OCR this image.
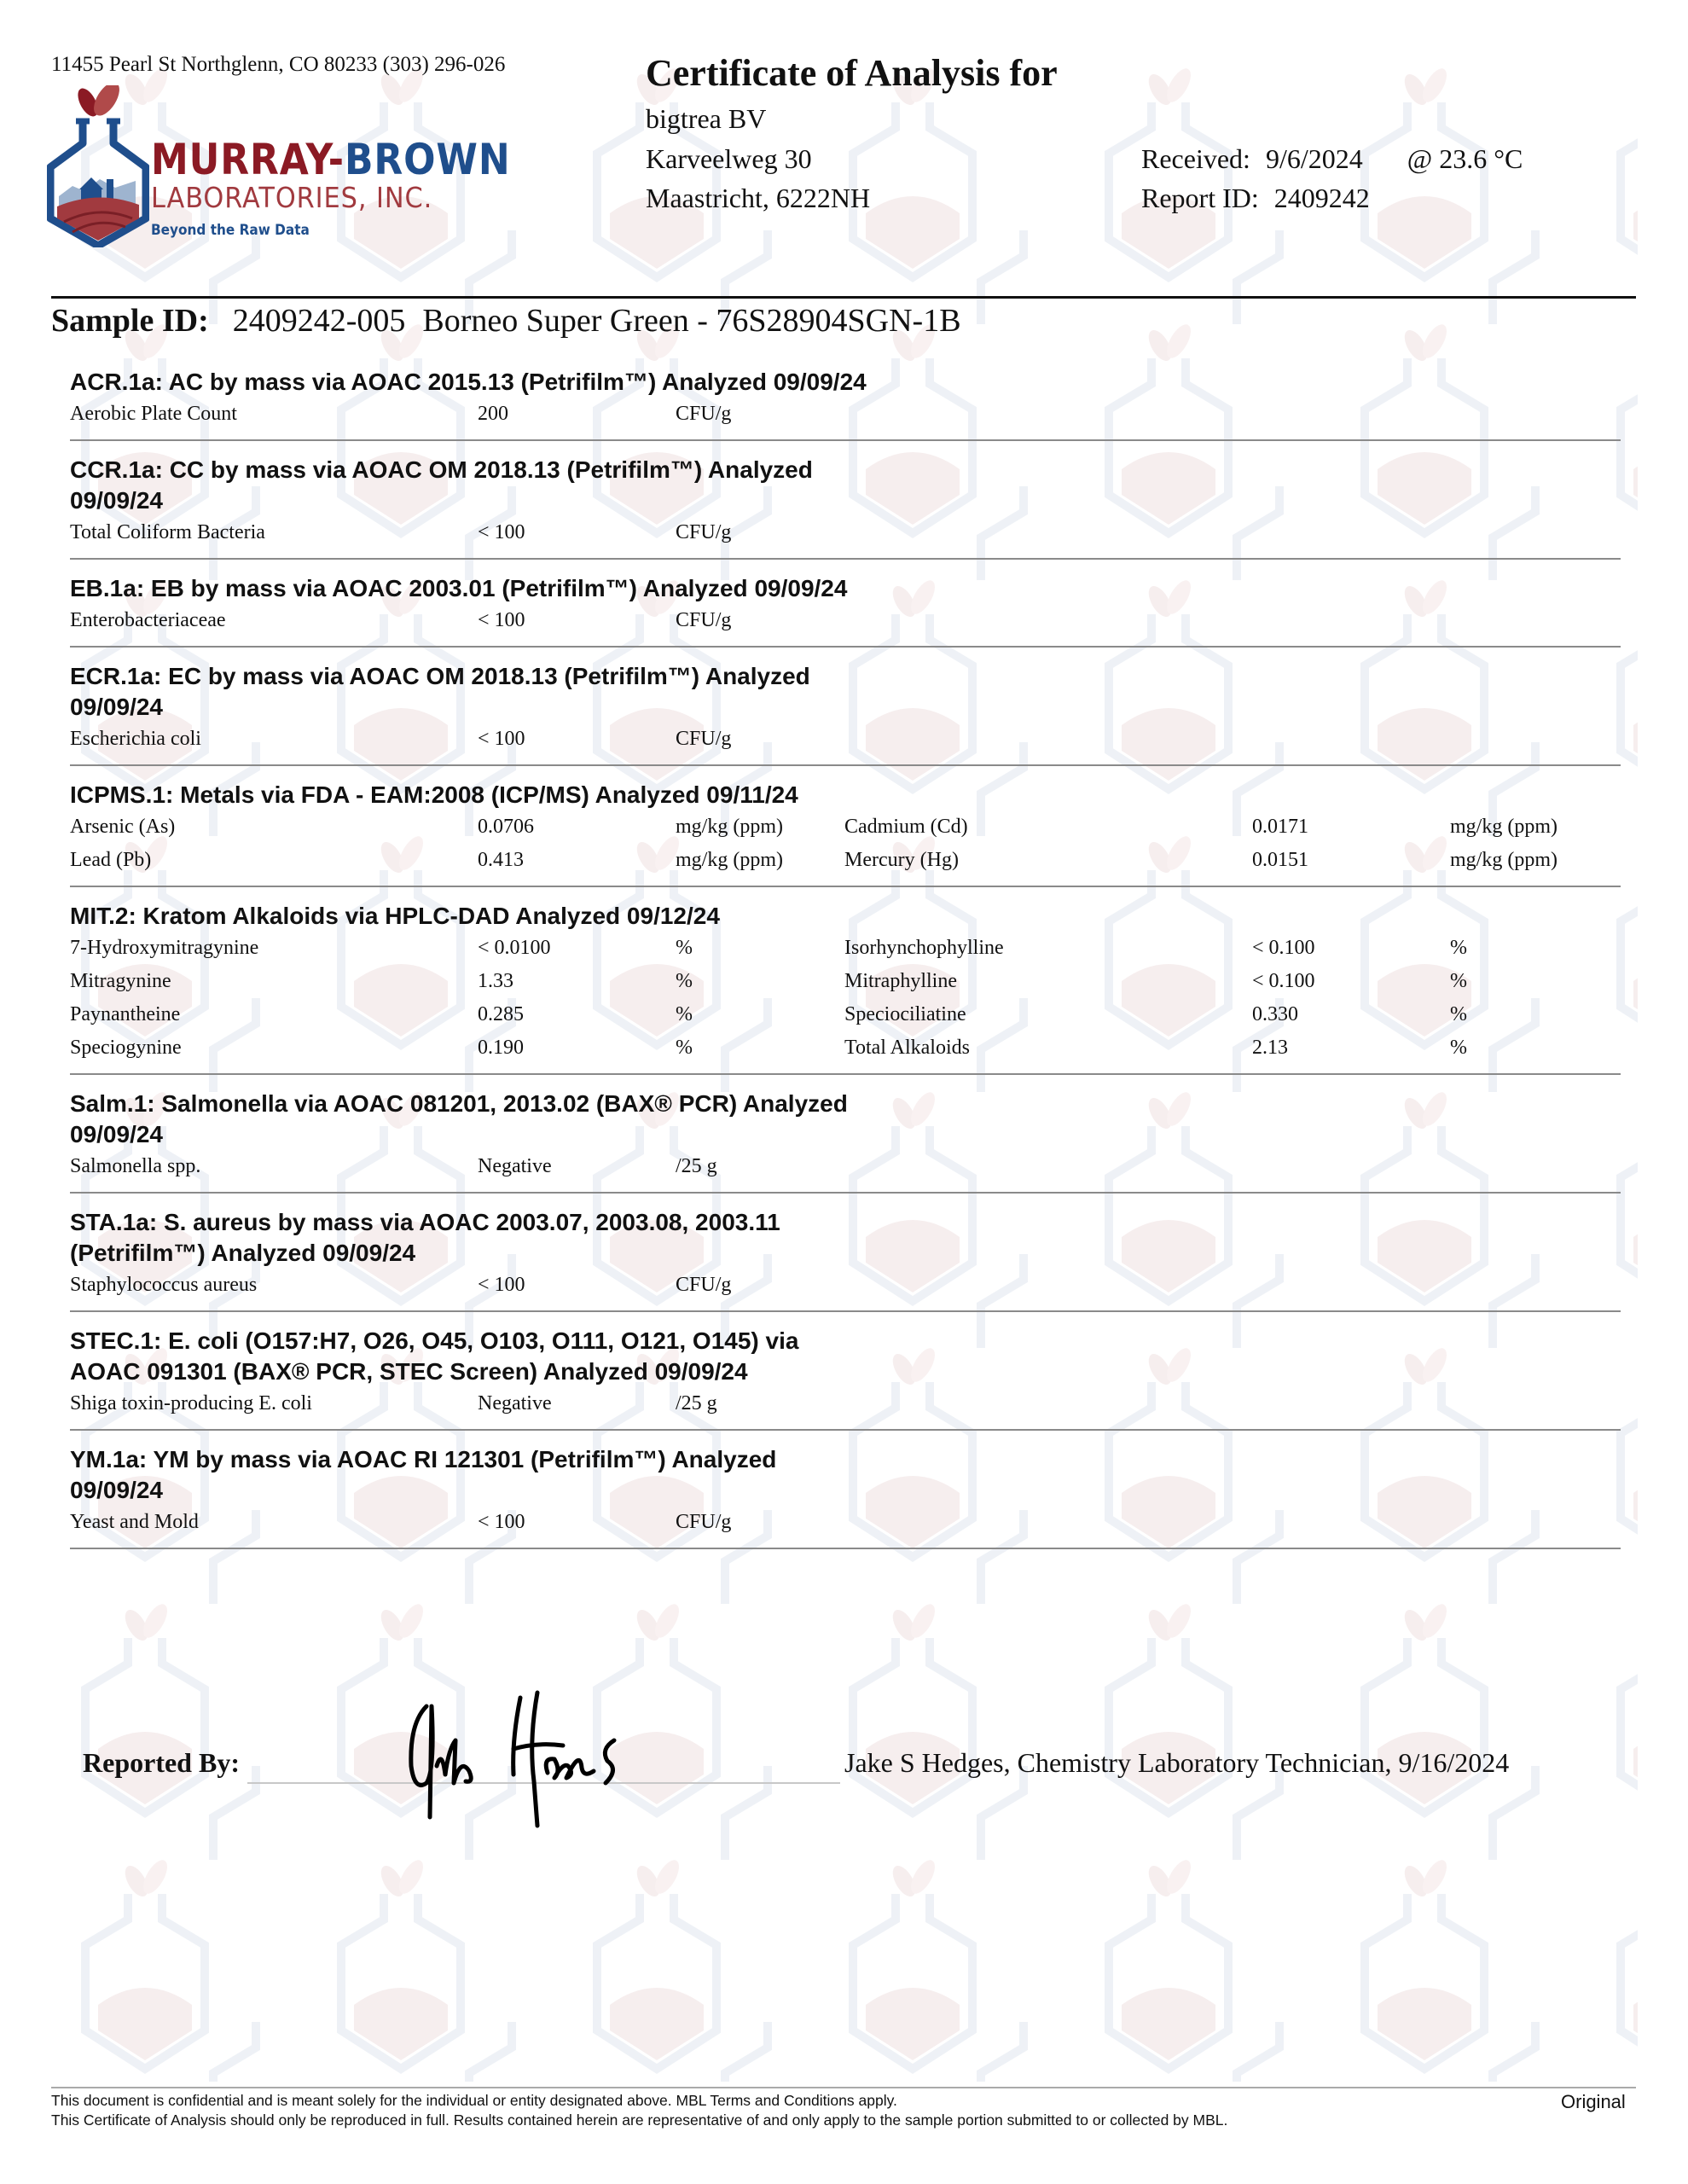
11455 Pearl St Northglenn, CO 80233 (303) 296-026
MURRAY-BROWN
LABORATORIES, INC.
Beyond the Raw Data
Certificate of Analysis for
bigtrea BV
Karveelweg 30
Maastricht, 6222NH
Received: 9/6/2024 @ 23.6 °C
Report ID: 2409242
Sample ID: 2409242-005 Borneo Super Green - 76S28904SGN-1B
ACR.1a: AC by mass via AOAC 2015.13 (Petrifilm™) Analyzed 09/09/24
Aerobic Plate Count	200	CFU/g
CCR.1a: CC by mass via AOAC OM 2018.13 (Petrifilm™) Analyzed 09/09/24
Total Coliform Bacteria	< 100	CFU/g
EB.1a: EB by mass via AOAC 2003.01 (Petrifilm™) Analyzed 09/09/24
Enterobacteriaceae	< 100	CFU/g
ECR.1a: EC by mass via AOAC OM 2018.13 (Petrifilm™) Analyzed 09/09/24
Escherichia coli	< 100	CFU/g
ICPMS.1: Metals via FDA - EAM:2008 (ICP/MS) Analyzed 09/11/24
Arsenic (As)	0.0706	mg/kg (ppm)	Cadmium (Cd)	0.0171	mg/kg (ppm)
Lead (Pb)	0.413	mg/kg (ppm)	Mercury (Hg)	0.0151	mg/kg (ppm)
MIT.2: Kratom Alkaloids via HPLC-DAD Analyzed 09/12/24
7-Hydroxymitragynine	< 0.0100	%	Isorhynchophylline	< 0.100	%
Mitragynine	1.33	%	Mitraphylline	< 0.100	%
Paynantheine	0.285	%	Speciociliatine	0.330	%
Speciogynine	0.190	%	Total Alkaloids	2.13	%
Salm.1: Salmonella via AOAC 081201, 2013.02 (BAX® PCR) Analyzed 09/09/24
Salmonella spp.	Negative	/25 g
STA.1a: S. aureus by mass via AOAC 2003.07, 2003.08, 2003.11 (Petrifilm™) Analyzed 09/09/24
Staphylococcus aureus	< 100	CFU/g
STEC.1: E. coli (O157:H7, O26, O45, O103, O111, O121, O145) via AOAC 091301 (BAX® PCR, STEC Screen) Analyzed 09/09/24
Shiga toxin-producing E. coli	Negative	/25 g
YM.1a: YM by mass via AOAC RI 121301 (Petrifilm™) Analyzed 09/09/24
Yeast and Mold	< 100	CFU/g
Reported By:	Jake S Hedges, Chemistry Laboratory Technician, 9/16/2024
This document is confidential and is meant solely for the individual or entity designated above. MBL Terms and Conditions apply.
This Certificate of Analysis should only be reproduced in full. Results contained herein are representative of and only apply to the sample portion submitted to or collected by MBL.
Original
